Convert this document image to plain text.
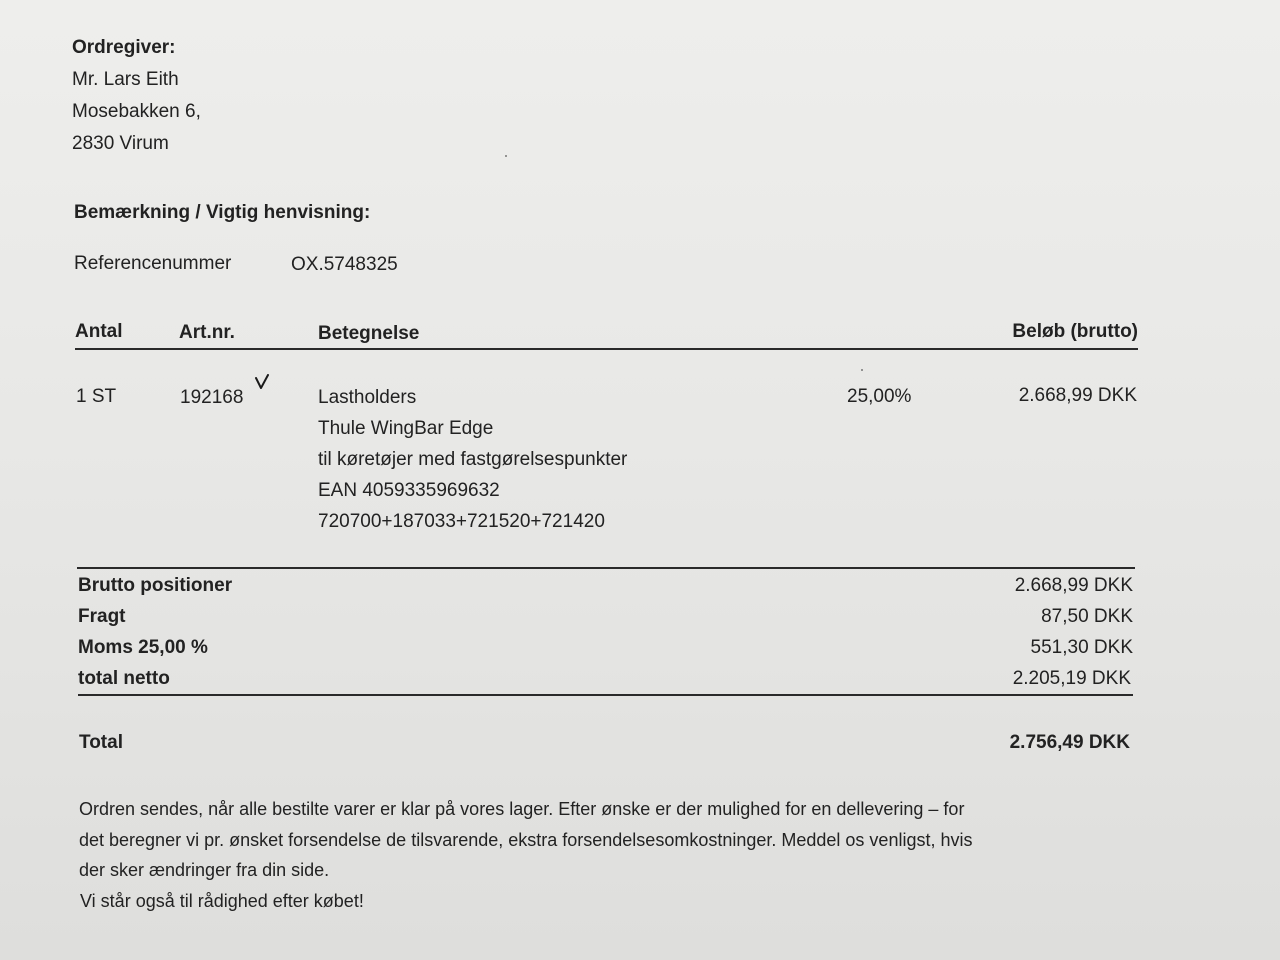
Ordregiver:
Mr. Lars Eith
Mosebakken 6,
2830 Virum
Bemærkning / Vigtig henvisning:
Referencenummer	OX.5748325
Antal	Art.nr.	Betegnelse	Beløb (brutto)
1 ST	192168	Lastholders
Thule WingBar Edge
til køretøjer med fastgørelsespunkter
EAN 4059335969632
720700+187033+721520+721420
25,00%	2.668,99 DKK
Brutto positioner	2.668,99 DKK
Fragt	87,50 DKK
Moms 25,00 %	551,30 DKK
total netto	2.205,19 DKK
Total	2.756,49 DKK
Ordren sendes, når alle bestilte varer er klar på vores lager. Efter ønske er der mulighed for en dellevering – for
det beregner vi pr. ønsket forsendelse de tilsvarende, ekstra forsendelsesomkostninger. Meddel os venligst, hvis
der sker ændringer fra din side.
Vi står også til rådighed efter købet!
